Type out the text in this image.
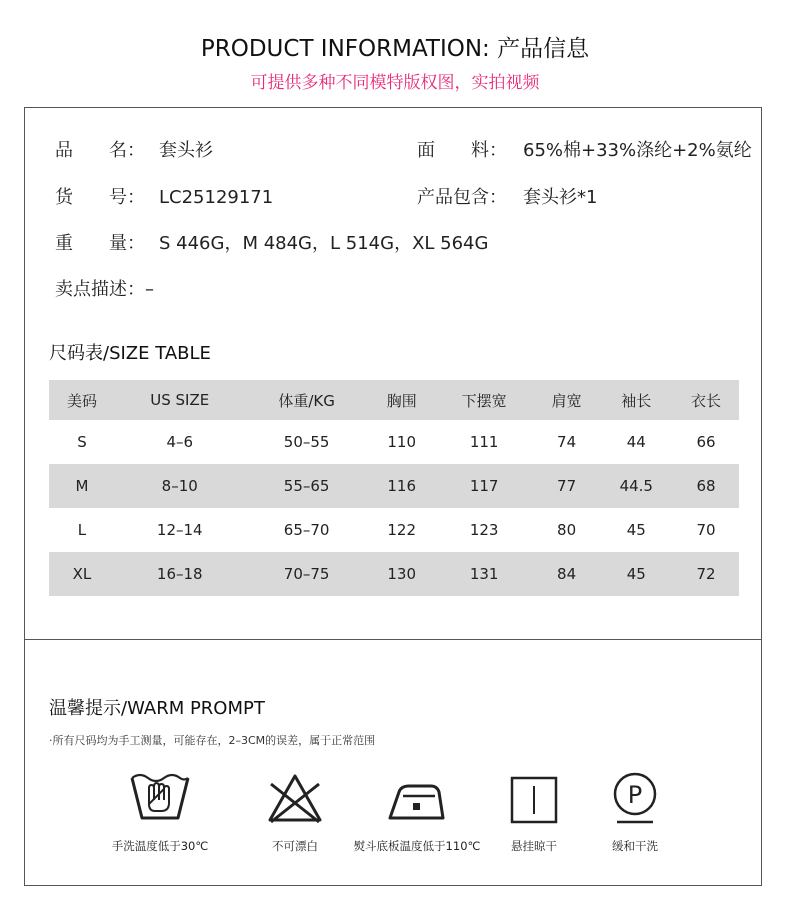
PRODUCT INFORMATION: 产品信息
可提供多种不同模特版权图，实拍视频
品　　名： 套头衫	面　　料： 65%棉+33%涤纶+2%氨纶
货　　号： LC25129171	产品包含： 套头衫*1
重　　量： S 446G，M 484G，L 514G，XL 564G
卖点描述：–
尺码表/SIZE TABLE
美码	US SIZE	体重/KG	胸围	下摆宽	肩宽	袖长	衣长
S	4–6	50–55	110	111	74	44	66
M	8–10	55–65	116	117	77	44.5	68
L	12–14	65–70	122	123	80	45	70
XL	16–18	70–75	130	131	84	45	72
温馨提示/WARM PROMPT
·所有尺码均为手工测量，可能存在，2–3CM的误差，属于正常范围
手洗温度低于30℃	不可漂白	熨斗底板温度低于110℃	悬挂晾干
P
缓和干洗
